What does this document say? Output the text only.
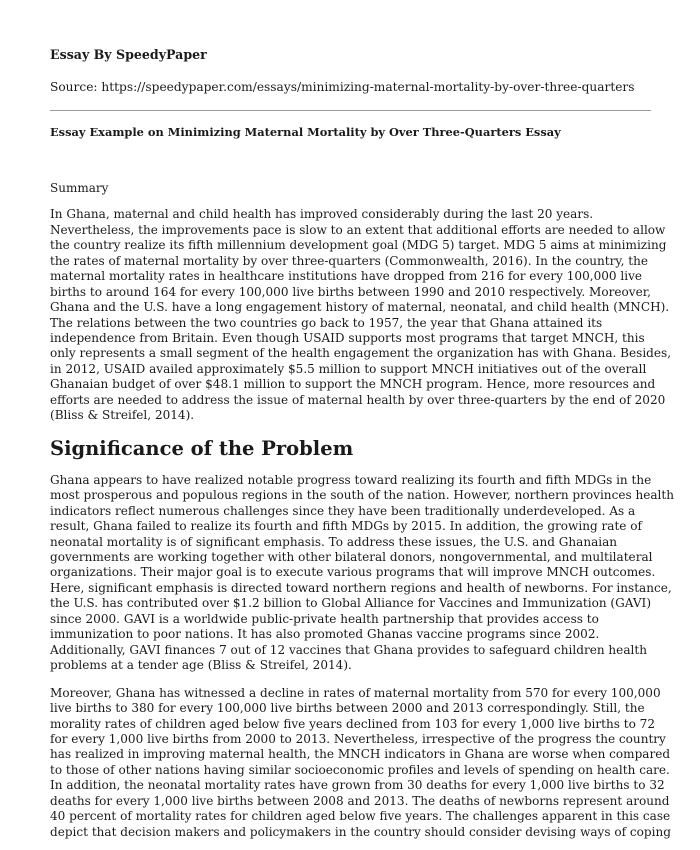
Essay By SpeedyPaper
Source: https://speedypaper.com/essays/minimizing-maternal-mortality-by-over-three-quarters
Essay Example on Minimizing Maternal Mortality by Over Three-Quarters Essay
Summary

In Ghana, maternal and child health has improved considerably during the last 20 years. Nevertheless, the improvements pace is slow to an extent that additional efforts are needed to allow the country realize its fifth millennium development goal (MDG 5) target. MDG 5 aims at minimizing the rates of maternal mortality by over three-quarters (Commonwealth, 2016). In the country, the maternal mortality rates in healthcare institutions have dropped from 216 for every 100,000 live births to around 164 for every 100,000 live births between 1990 and 2010 respectively. Moreover, Ghana and the U.S. have a long engagement history of maternal, neonatal, and child health (MNCH). The relations between the two countries go back to 1957, the year that Ghana attained its independence from Britain. Even though USAID supports most programs that target MNCH, this only represents a small segment of the health engagement the organization has with Ghana. Besides, in 2012, USAID availed approximately $5.5 million to support MNCH initiatives out of the overall Ghanaian budget of over $48.1 million to support the MNCH program. Hence, more resources and efforts are needed to address the issue of maternal health by over three-quarters by the end of 2020 (Bliss & Streifel, 2014).

Significance of the Problem

Ghana appears to have realized notable progress toward realizing its fourth and fifth MDGs in the most prosperous and populous regions in the south of the nation. However, northern provinces health indicators reflect numerous challenges since they have been traditionally underdeveloped. As a result, Ghana failed to realize its fourth and fifth MDGs by 2015. In addition, the growing rate of neonatal mortality is of significant emphasis. To address these issues, the U.S. and Ghanaian governments are working together with other bilateral donors, nongovernmental, and multilateral organizations. Their major goal is to execute various programs that will improve MNCH outcomes. Here, significant emphasis is directed toward northern regions and health of newborns. For instance, the U.S. has contributed over $1.2 billion to Global Alliance for Vaccines and Immunization (GAVI) since 2000. GAVI is a worldwide public-private health partnership that provides access to immunization to poor nations. It has also promoted Ghanas vaccine programs since 2002. Additionally, GAVI finances 7 out of 12 vaccines that Ghana provides to safeguard children health problems at a tender age (Bliss & Streifel, 2014).

Moreover, Ghana has witnessed a decline in rates of maternal mortality from 570 for every 100,000 live births to 380 for every 100,000 live births between 2000 and 2013 correspondingly. Still, the morality rates of children aged below five years declined from 103 for every 1,000 live births to 72 for every 1,000 live births from 2000 to 2013. Nevertheless, irrespective of the progress the country has realized in improving maternal health, the MNCH indicators in Ghana are worse when compared to those of other nations having similar socioeconomic profiles and levels of spending on health care. In addition, the neonatal mortality rates have grown from 30 deaths for every 1,000 live births to 32 deaths for every 1,000 live births between 2008 and 2013. The deaths of newborns represent around 40 percent of mortality rates for children aged below five years. The challenges apparent in this case depict that decision makers and policymakers in the country should consider devising ways of coping
